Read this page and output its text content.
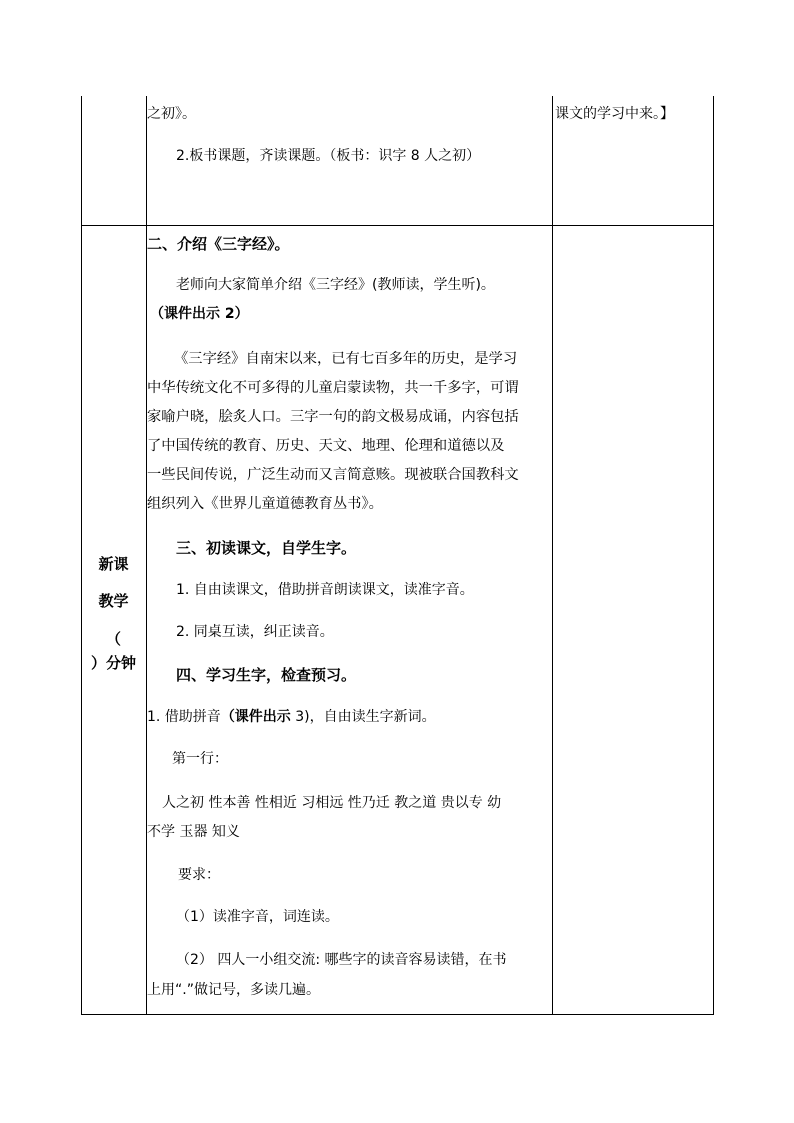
之初》。
2.板书课题，齐读课题。（板书：识字 8 人之初）
课文的学习中来。】
新课
教学
（
）分钟
二、介绍《三字经》。
老师向大家简单介绍《三字经》(教师读，学生听)。
（课件出示 2）
《三字经》自南宋以来，已有七百多年的历史，是学习
中华传统文化不可多得的儿童启蒙读物，共一千多字，可谓
家喻户晓，脍炙人口。三字一句的韵文极易成诵，内容包括
了中国传统的教育、历史、天文、地理、伦理和道德以及
一些民间传说，广泛生动而又言简意赅。现被联合国教科文
组织列入《世界儿童道德教育丛书》。
三、初读课文，自学生字。
1. 自由读课文，借助拼音朗读课文，读准字音。
2. 同桌互读，纠正读音。
四、学习生字，检查预习。
1. 借助拼音（课件出示 3)，自由读生字新词。
第一行：
人之初 性本善 性相近 习相远 性乃迁 教之道 贵以专 幼
不学 玉器 知义
要求：
（1）读准字音，词连读。
（2） 四人一小组交流: 哪些字的读音容易读错，在书
上用“.”做记号，多读几遍。
